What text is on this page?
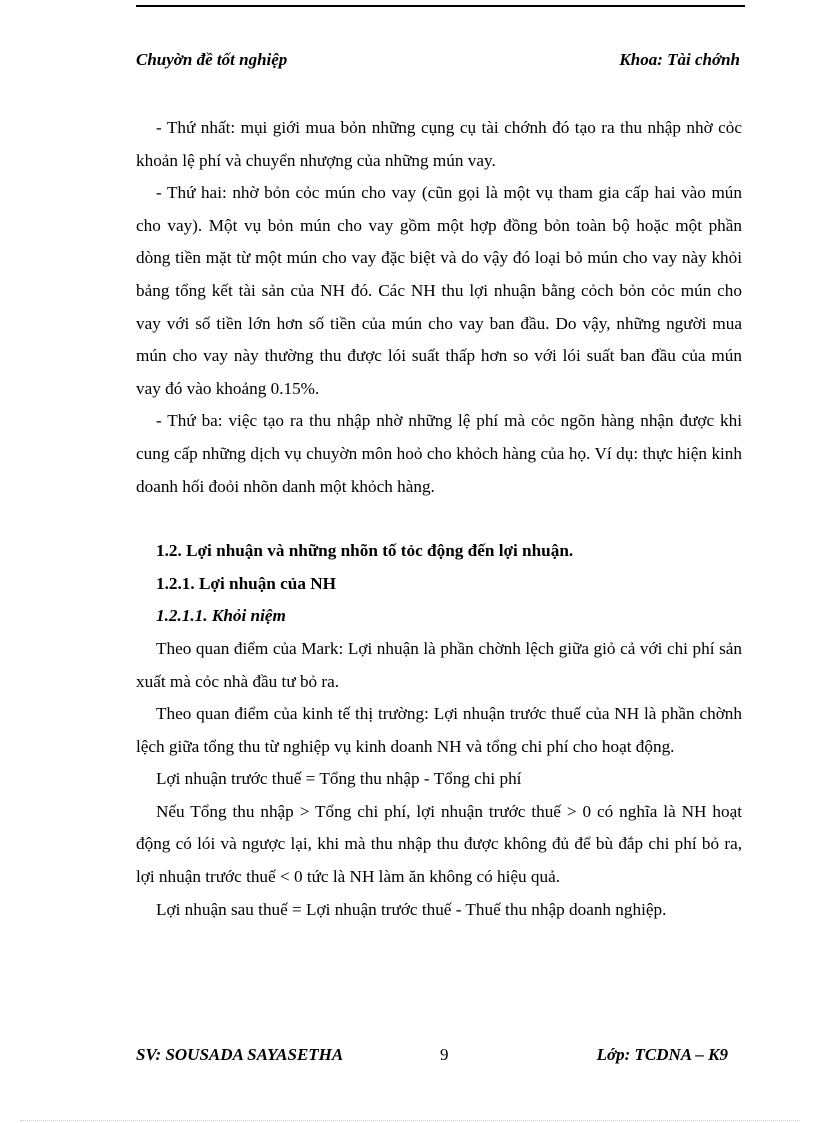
Chuyờn đề tốt nghiệp	Khoa: Tài chớnh

- Thứ nhất: mụi giới mua bỏn những cụng cụ tài chớnh đó tạo ra thu nhập nhờ cỏc khoản lệ phí và chuyển nhượng của những mún vay.

- Thứ hai: nhờ bỏn cỏc mún cho vay (cũn gọi là một vụ tham gia cấp hai vào mún cho vay). Một vụ bỏn mún cho vay gồm một hợp đồng bỏn toàn bộ hoặc một phần dòng tiền mặt từ một mún cho vay đặc biệt và do vậy đó loại bỏ mún cho vay này khỏi bảng tổng kết tài sản của NH đó. Các NH thu lợi nhuận bằng cỏch bỏn cỏc mún cho vay với số tiền lớn hơn số tiền của mún cho vay ban đầu. Do vậy, những người mua mún cho vay này thường thu được lói suất thấp hơn so với lói suất ban đầu của mún vay đó vào khoảng 0.15%.

- Thứ ba: việc tạo ra thu nhập nhờ những lệ phí mà cỏc ngõn hàng nhận được khi cung cấp những dịch vụ chuyờn môn hoỏ cho khỏch hàng của họ. Ví dụ: thực hiện kinh doanh hối đoỏi nhõn danh một khỏch hàng.

1.2. Lợi nhuận và những nhõn tố tỏc động đến lợi nhuận.

1.2.1. Lợi nhuận của NH

1.2.1.1. Khỏi niệm

Theo quan điểm của Mark: Lợi nhuận là phần chờnh lệch giữa giỏ cả với chi phí sản xuất mà cỏc nhà đầu tư bỏ ra.

Theo quan điểm của kinh tế thị trường: Lợi nhuận trước thuế của NH là phần chờnh lệch giữa tổng thu từ nghiệp vụ kinh doanh NH và tổng chi phí cho hoạt động.

Lợi nhuận trước thuế = Tổng thu nhập - Tổng chi phí

Nếu Tổng thu nhập > Tổng chi phí, lợi nhuận trước thuế > 0 có nghĩa là NH hoạt động có lói và ngược lại, khi mà thu nhập thu được không đủ để bù đắp chi phí bỏ ra, lợi nhuận trước thuế < 0 tức là NH làm ăn không có hiệu quả.

Lợi nhuận sau thuế = Lợi nhuận trước thuế - Thuế thu nhập doanh nghiệp.

SV: SOUSADA SAYASETHA	9	Lớp: TCDNA – K9
